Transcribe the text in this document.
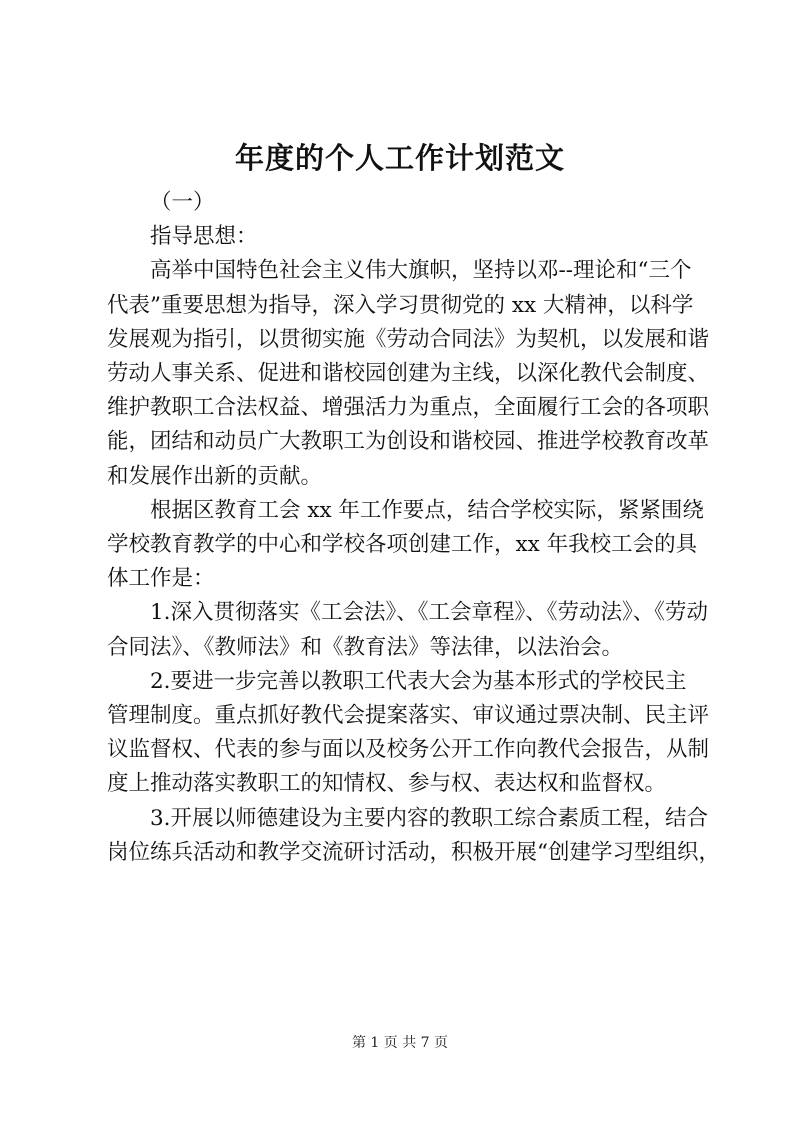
年度的个人工作计划范文
（一）
指导思想：
高举中国特色社会主义伟大旗帜，坚持以邓--理论和“三个
代表”重要思想为指导，深入学习贯彻党的 xx 大精神，以科学
发展观为指引，以贯彻实施《劳动合同法》为契机，以发展和谐
劳动人事关系、促进和谐校园创建为主线，以深化教代会制度、
维护教职工合法权益、增强活力为重点，全面履行工会的各项职
能，团结和动员广大教职工为创设和谐校园、推进学校教育改革
和发展作出新的贡献。
根据区教育工会 xx 年工作要点，结合学校实际，紧紧围绕
学校教育教学的中心和学校各项创建工作，xx 年我校工会的具
体工作是：
1.深入贯彻落实《工会法》、《工会章程》、《劳动法》、《劳动
合同法》、《教师法》和《教育法》等法律，以法治会。
2.要进一步完善以教职工代表大会为基本形式的学校民主
管理制度。重点抓好教代会提案落实、审议通过票决制、民主评
议监督权、代表的参与面以及校务公开工作向教代会报告，从制
度上推动落实教职工的知情权、参与权、表达权和监督权。
3.开展以师德建设为主要内容的教职工综合素质工程，结合
岗位练兵活动和教学交流研讨活动，积极开展“创建学习型组织，
第 1 页 共 7 页
